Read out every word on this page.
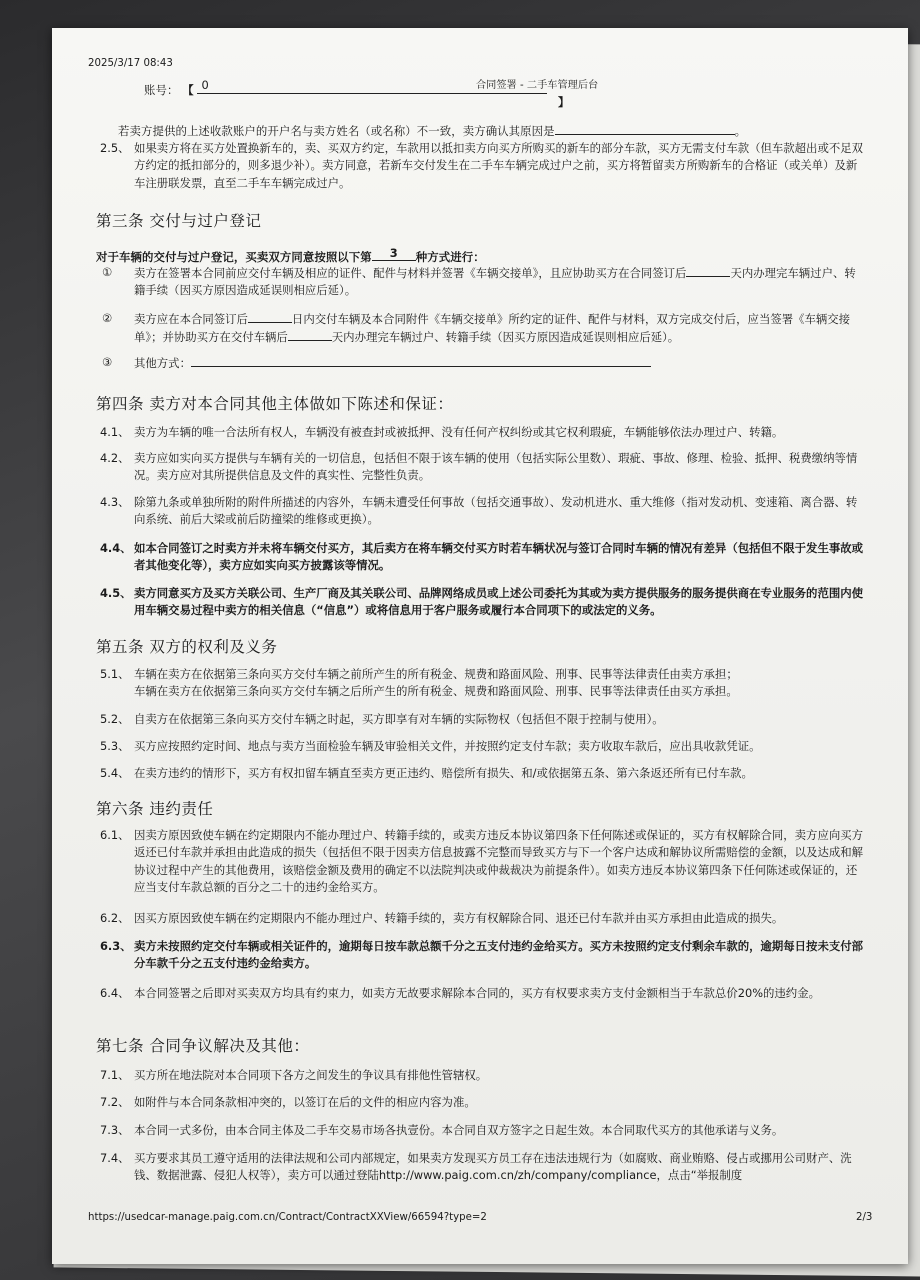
2025/3/17 08:43
合同签署 - 二手车管理后台
账号： 【 0
】
若卖方提供的上述收款账户的开户名与卖方姓名（或名称）不一致，卖方确认其原因是	。
2.5、 如果卖方将在买方处置换新车的，卖、买双方约定，车款用以抵扣卖方向买方所购买的新车的部分车款，买方无需支付车款（但车款超出或不足双方约定的抵扣部分的，则多退少补）。卖方同意，若新车交付发生在二手车车辆完成过户之前，买方将暂留卖方所购新车的合格证（或关单）及新车注册联发票，直至二手车车辆完成过户。
第三条 交付与过户登记
对于车辆的交付与过户登记，买卖双方同意按照以下第 3 种方式进行：
① 卖方在签署本合同前应交付车辆及相应的证件、配件与材料并签署《车辆交接单》，且应协助买方在合同签订后	天内办理完车辆过户、转籍手续（因买方原因造成延误则相应后延）。
② 卖方应在本合同签订后	日内交付车辆及本合同附件《车辆交接单》所约定的证件、配件与材料，双方完成交付后，应当签署《车辆交接单》；并协助买方在交付车辆后	天内办理完车辆过户、转籍手续（因买方原因造成延误则相应后延）。
③ 其他方式：
第四条 卖方对本合同其他主体做如下陈述和保证：
4.1、 卖方为车辆的唯一合法所有权人，车辆没有被查封或被抵押、没有任何产权纠纷或其它权利瑕疵，车辆能够依法办理过户、转籍。
4.2、 卖方应如实向买方提供与车辆有关的一切信息，包括但不限于该车辆的使用（包括实际公里数）、瑕疵、事故、修理、检验、抵押、税费缴纳等情况。卖方应对其所提供信息及文件的真实性、完整性负责。
4.3、 除第九条或单独所附的附件所描述的内容外，车辆未遭受任何事故（包括交通事故）、发动机进水、重大维修（指对发动机、变速箱、离合器、转向系统、前后大梁或前后防撞梁的维修或更换）。
4.4、 如本合同签订之时卖方并未将车辆交付买方，其后卖方在将车辆交付买方时若车辆状况与签订合同时车辆的情况有差异（包括但不限于发生事故或者其他变化等），卖方应如实向买方披露该等情况。
4.5、 卖方同意买方及买方关联公司、生产厂商及其关联公司、品牌网络成员或上述公司委托为其或为卖方提供服务的服务提供商在专业服务的范围内使用车辆交易过程中卖方的相关信息（“信息”）或将信息用于客户服务或履行本合同项下的或法定的义务。
第五条 双方的权利及义务
5.1、 车辆在卖方在依据第三条向买方交付车辆之前所产生的所有税金、规费和路面风险、刑事、民事等法律责任由卖方承担；
车辆在卖方在依据第三条向买方交付车辆之后所产生的所有税金、规费和路面风险、刑事、民事等法律责任由买方承担。
5.2、 自卖方在依据第三条向买方交付车辆之时起，买方即享有对车辆的实际物权（包括但不限于控制与使用）。
5.3、 买方应按照约定时间、地点与卖方当面检验车辆及审验相关文件，并按照约定支付车款；卖方收取车款后，应出具收款凭证。
5.4、 在卖方违约的情形下，买方有权扣留车辆直至卖方更正违约、赔偿所有损失、和/或依据第五条、第六条返还所有已付车款。
第六条 违约责任
6.1、 因卖方原因致使车辆在约定期限内不能办理过户、转籍手续的，或卖方违反本协议第四条下任何陈述或保证的，买方有权解除合同，卖方应向买方返还已付车款并承担由此造成的损失（包括但不限于因卖方信息披露不完整而导致买方与下一个客户达成和解协议所需赔偿的金额，以及达成和解协议过程中产生的其他费用，该赔偿金额及费用的确定不以法院判决或仲裁裁决为前提条件）。如卖方违反本协议第四条下任何陈述或保证的，还应当支付车款总额的百分之二十的违约金给买方。
6.2、 因买方原因致使车辆在约定期限内不能办理过户、转籍手续的，卖方有权解除合同、退还已付车款并由买方承担由此造成的损失。
6.3、 卖方未按照约定交付车辆或相关证件的，逾期每日按车款总额千分之五支付违约金给买方。买方未按照约定支付剩余车款的，逾期每日按未支付部分车款千分之五支付违约金给卖方。
6.4、 本合同签署之后即对买卖双方均具有约束力，如卖方无故要求解除本合同的，买方有权要求卖方支付金额相当于车款总价20%的违约金。
第七条 合同争议解决及其他：
7.1、 买方所在地法院对本合同项下各方之间发生的争议具有排他性管辖权。
7.2、 如附件与本合同条款相冲突的，以签订在后的文件的相应内容为准。
7.3、 本合同一式多份，由本合同主体及二手车交易市场各执壹份。本合同自双方签字之日起生效。本合同取代买方的其他承诺与义务。
7.4、 买方要求其员工遵守适用的法律法规和公司内部规定，如果卖方发现买方员工存在违法违规行为（如腐败、商业贿赂、侵占或挪用公司财产、洗钱、数据泄露、侵犯人权等），卖方可以通过登陆http://www.paig.com.cn/zh/company/compliance，点击“举报制度
https://usedcar-manage.paig.com.cn/Contract/ContractXXView/66594?type=2	2/3
